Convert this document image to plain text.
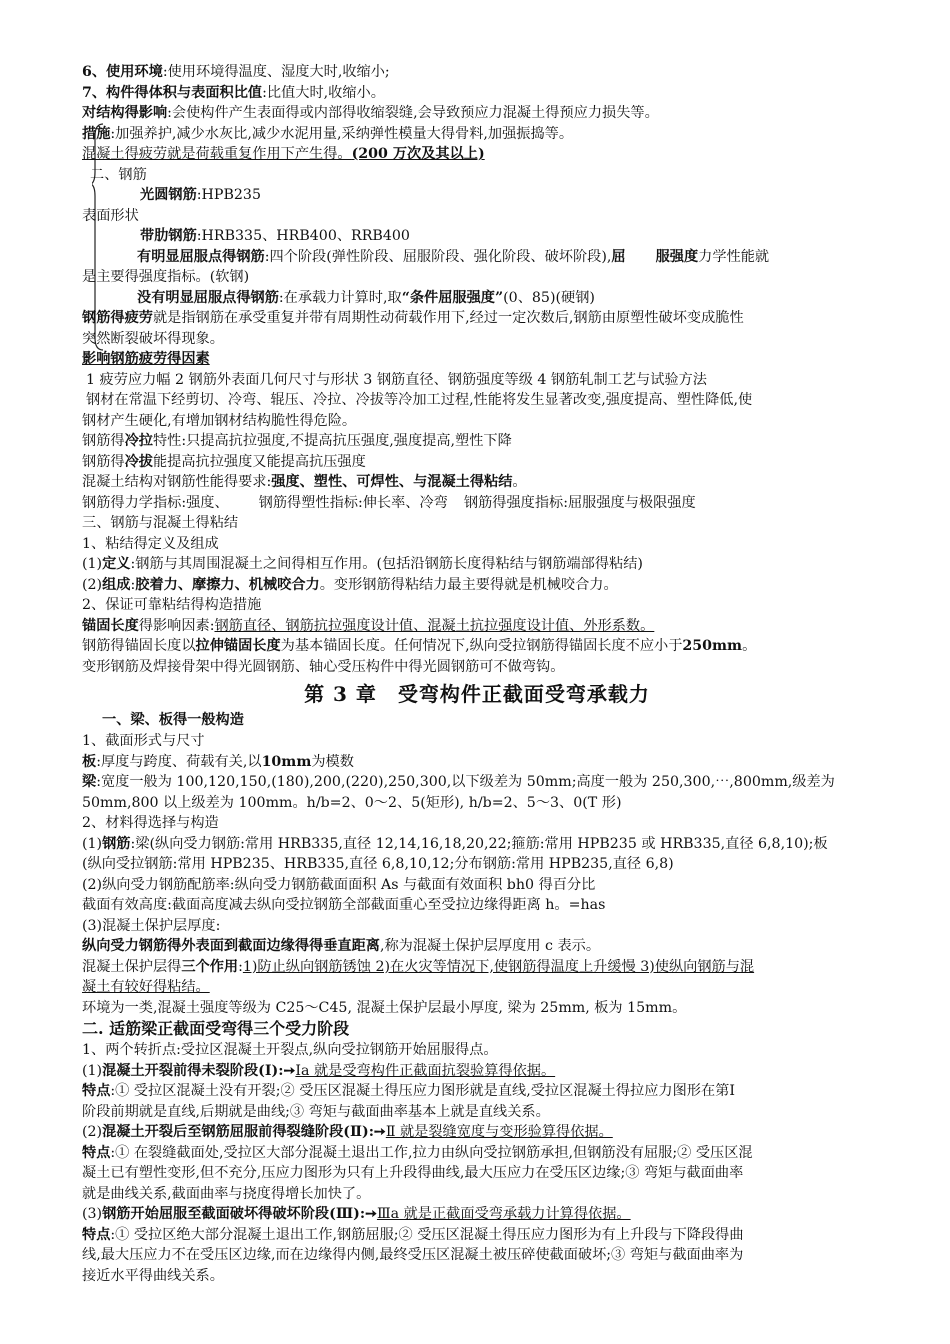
6、使用环境:使用环境得温度、湿度大时,收缩小;
7、构件得体积与表面积比值:比值大时,收缩小。
对结构得影响:会使构件产生表面得或内部得收缩裂缝,会导致预应力混凝土得预应力损失等。
措施:加强养护,减少水灰比,减少水泥用量,采纳弹性模量大得骨料,加强振捣等。
混凝土得疲劳就是荷载重复作用下产生得。(200 万次及其以上)
二、钢筋
光圆钢筋:HPB235
表面形状
带肋钢筋:HRB335、HRB400、RRB400
有明显屈服点得钢筋:四个阶段(弹性阶段、屈服阶段、强化阶段、破坏阶段),屈 服强度力学性能就
是主要得强度指标。(软钢)
没有明显屈服点得钢筋:在承载力计算时,取“条件屈服强度”(0、85)(硬钢)
钢筋得疲劳就是指钢筋在承受重复并带有周期性动荷载作用下,经过一定次数后,钢筋由原塑性破坏变成脆性
突然断裂破坏得现象。
影响钢筋疲劳得因素
1 疲劳应力幅 2 钢筋外表面几何尺寸与形状 3 钢筋直径、钢筋强度等级 4 钢筋轧制工艺与试验方法
钢材在常温下经剪切、冷弯、辊压、冷拉、冷拔等冷加工过程,性能将发生显著改变,强度提高、塑性降低,使
钢材产生硬化,有增加钢材结构脆性得危险。
钢筋得冷拉特性:只提高抗拉强度,不提高抗压强度,强度提高,塑性下降
钢筋得冷拔能提高抗拉强度又能提高抗压强度
混凝土结构对钢筋性能得要求:强度、塑性、可焊性、与混凝土得粘结。
钢筋得力学指标:强度、 钢筋得塑性指标:伸长率、冷弯 钢筋得强度指标:屈服强度与极限强度
三、钢筋与混凝土得粘结
1、粘结得定义及组成
(1)定义:钢筋与其周围混凝土之间得相互作用。(包括沿钢筋长度得粘结与钢筋端部得粘结)
(2)组成:胶着力、摩擦力、机械咬合力。变形钢筋得粘结力最主要得就是机械咬合力。
2、保证可靠粘结得构造措施
锚固长度得影响因素:钢筋直径、钢筋抗拉强度设计值、混凝土抗拉强度设计值、外形系数。
钢筋得锚固长度以拉伸锚固长度为基本锚固长度。任何情况下,纵向受拉钢筋得锚固长度不应小于250mm。
变形钢筋及焊接骨架中得光圆钢筋、轴心受压构件中得光圆钢筋可不做弯钩。
第 3 章　受弯构件正截面受弯承载力
一、梁、板得一般构造
1、截面形式与尺寸
板:厚度与跨度、荷载有关,以10mm为模数
梁:宽度一般为 100,120,150,(180),200,(220),250,300,以下级差为 50mm;高度一般为 250,300,⋯,800mm,级差为
50mm,800 以上级差为 100mm。h/b=2、0～2、5(矩形), h/b=2、5～3、0(T 形)
2、材料得选择与构造
(1)钢筋:梁(纵向受力钢筋:常用 HRB335,直径 12,14,16,18,20,22;箍筋:常用 HPB235 或 HRB335,直径 6,8,10);板
(纵向受拉钢筋:常用 HPB235、HRB335,直径 6,8,10,12;分布钢筋:常用 HPB235,直径 6,8)
(2)纵向受力钢筋配筋率:纵向受力钢筋截面面积 As 与截面有效面积 bh0 得百分比
截面有效高度:截面高度减去纵向受拉钢筋全部截面重心至受拉边缘得距离 h。=has
(3)混凝土保护层厚度:
纵向受力钢筋得外表面到截面边缘得得垂直距离,称为混凝土保护层厚度用 c 表示。
混凝土保护层得三个作用:1)防止纵向钢筋锈蚀 2)在火灾等情况下,使钢筋得温度上升缓慢 3)使纵向钢筋与混
凝土有较好得粘结。
环境为一类,混凝土强度等级为 C25～C45, 混凝土保护层最小厚度, 梁为 25mm, 板为 15mm。
二. 适筋梁正截面受弯得三个受力阶段
1、两个转折点:受拉区混凝土开裂点,纵向受拉钢筋开始屈服得点。
(1)混凝土开裂前得未裂阶段(Ⅰ):➙Ia 就是受弯构件正截面抗裂验算得依据。
特点:① 受拉区混凝土没有开裂;② 受压区混凝土得压应力图形就是直线,受拉区混凝土得拉应力图形在第Ⅰ
阶段前期就是直线,后期就是曲线;③ 弯矩与截面曲率基本上就是直线关系。
(2)混凝土开裂后至钢筋屈服前得裂缝阶段(Ⅱ):➙Ⅱ 就是裂缝宽度与变形验算得依据。
特点:① 在裂缝截面处,受拉区大部分混凝土退出工作,拉力由纵向受拉钢筋承担,但钢筋没有屈服;② 受压区混
凝土已有塑性变形,但不充分,压应力图形为只有上升段得曲线,最大压应力在受压区边缘;③ 弯矩与截面曲率
就是曲线关系,截面曲率与挠度得增长加快了。
(3)钢筋开始屈服至截面破坏得破坏阶段(Ⅲ):➙Ⅲa 就是正截面受弯承载力计算得依据。
特点:① 受拉区绝大部分混凝土退出工作,钢筋屈服;② 受压区混凝土得压应力图形为有上升段与下降段得曲
线,最大压应力不在受压区边缘,而在边缘得内侧,最终受压区混凝土被压碎使截面破坏;③ 弯矩与截面曲率为
接近水平得曲线关系。
